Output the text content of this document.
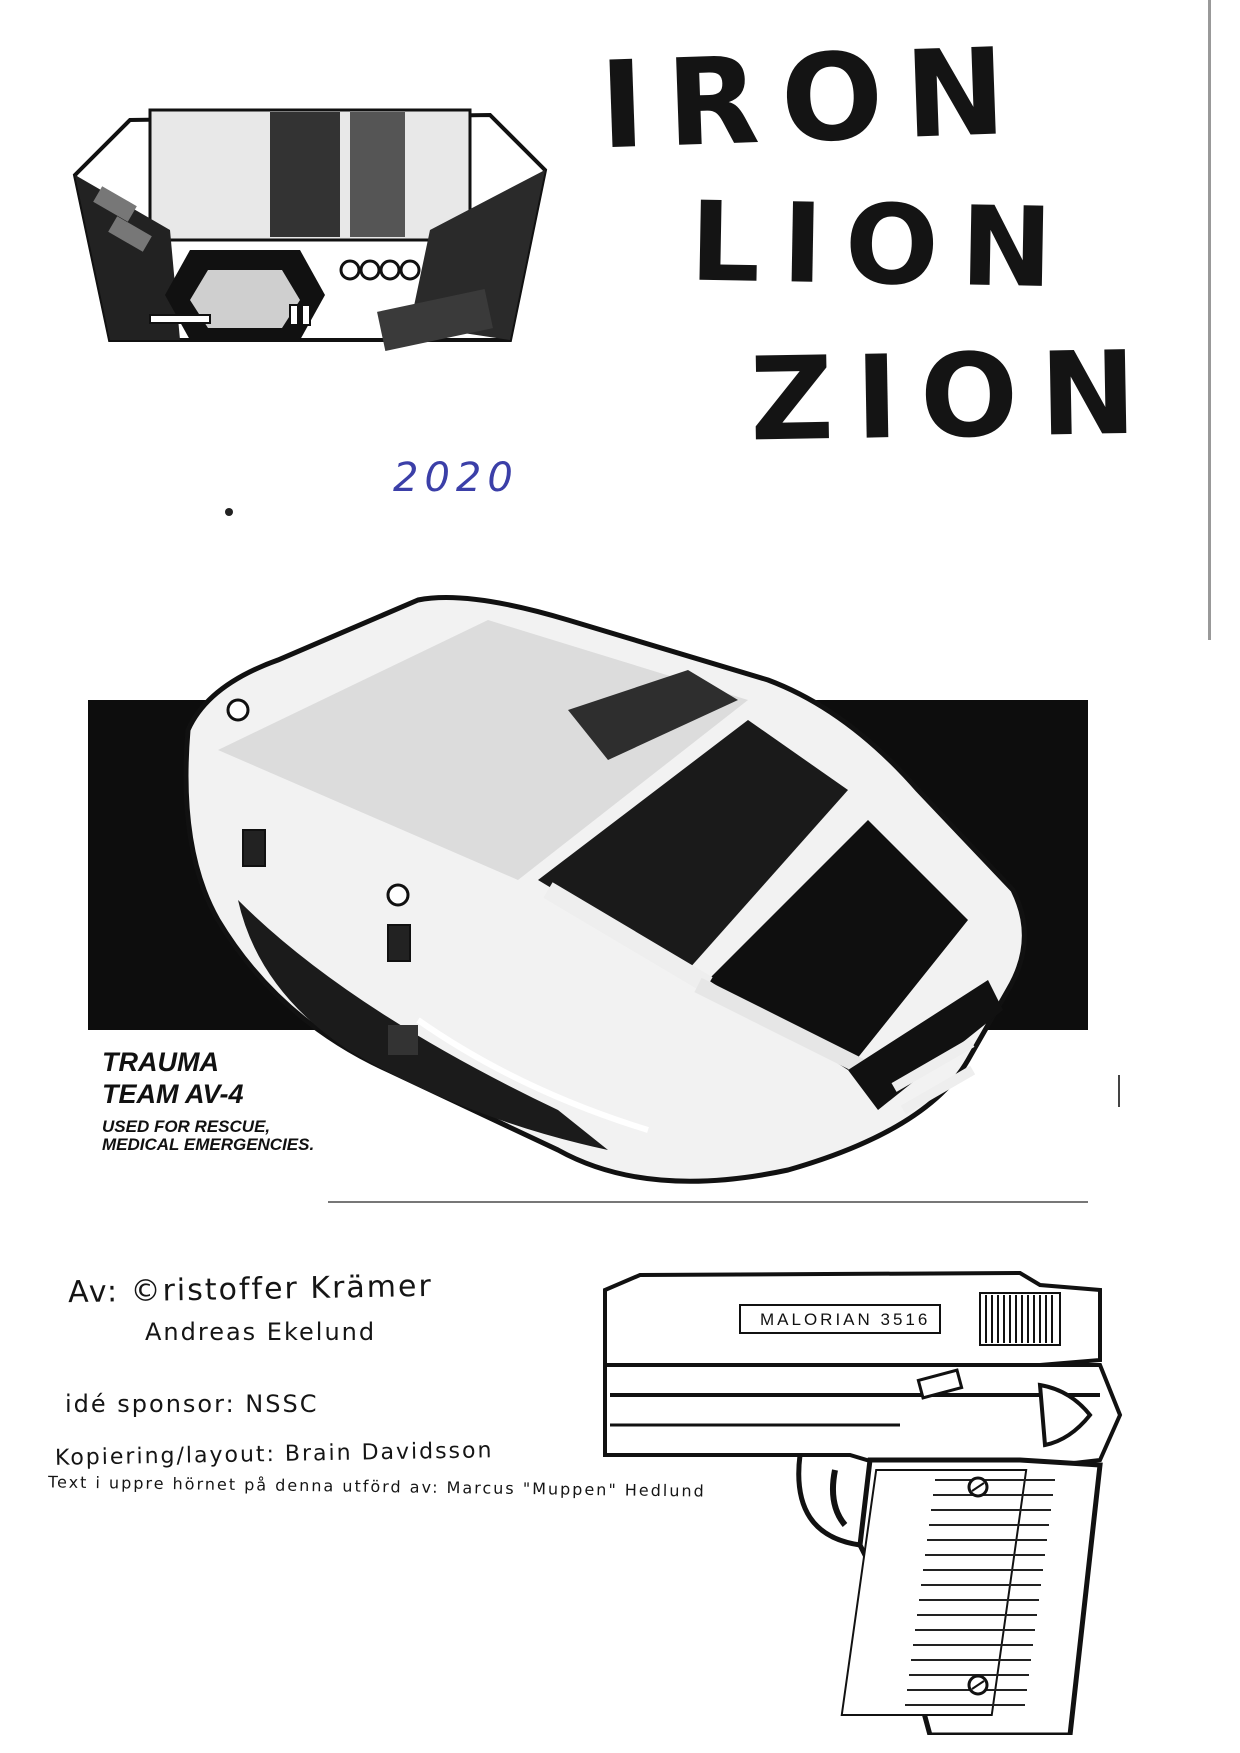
IRON
LION
ZION
2020
TRAUMA
TEAM AV-4
USED FOR RESCUE, MEDICAL EMERGENCIES.
Av: ©ristoffer Krämer
Andreas Ekelund
idé sponsor: NSSC
Kopiering/layout: Brain Davidsson
Text i uppre hörnet på denna utförd av: Marcus "Muppen" Hedlund
MALORIAN 3516
